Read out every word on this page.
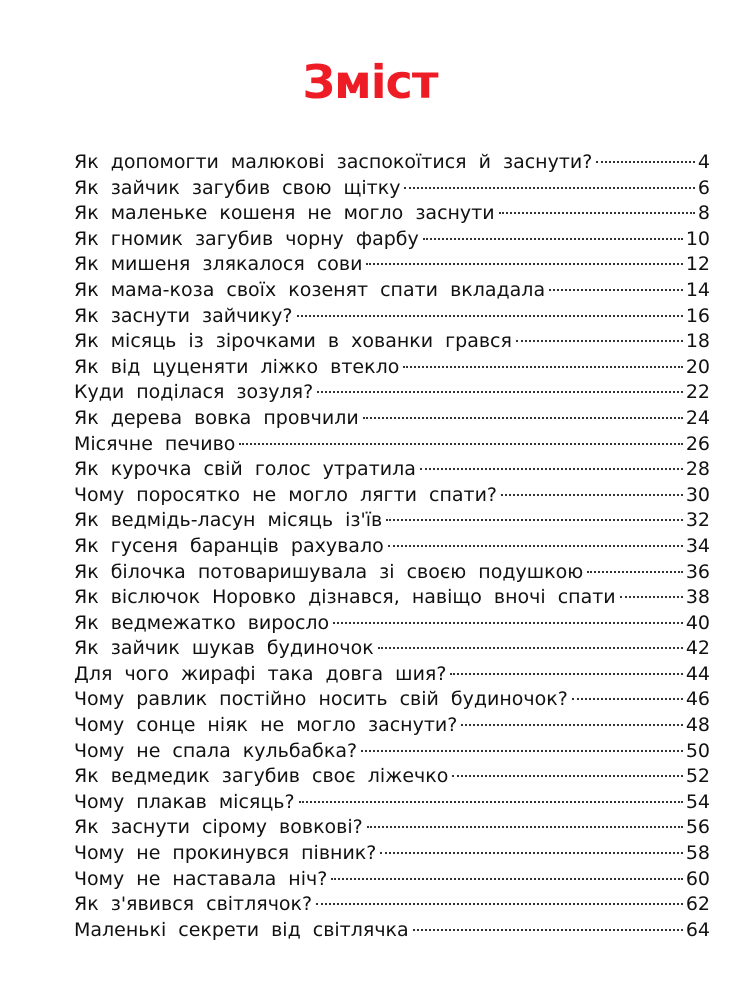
Зміст
Як допомогти малюкові заспокоїтися й заснути?	4
Як зайчик загубив свою щітку	6
Як маленьке кошеня не могло заснути	8
Як гномик загубив чорну фарбу	10
Як мишеня злякалося сови	12
Як мама-коза своїх козенят спати вкладала	14
Як заснути зайчику?	16
Як місяць із зірочками в хованки грався	18
Як від цуценяти ліжко втекло	20
Куди поділася зозуля?	22
Як дерева вовка провчили	24
Місячне печиво	26
Як курочка свій голос утратила	28
Чому поросятко не могло лягти спати?	30
Як ведмідь-ласун місяць із'їв	32
Як гусеня баранців рахувало	34
Як білочка потоваришувала зі своєю подушкою	36
Як віслючок Норовко дізнався, навіщо вночі спати	38
Як ведмежатко виросло	40
Як зайчик шукав будиночок	42
Для чого жирафі така довга шия?	44
Чому равлик постійно носить свій будиночок?	46
Чому сонце ніяк не могло заснути?	48
Чому не спала кульбабка?	50
Як ведмедик загубив своє ліжечко	52
Чому плакав місяць?	54
Як заснути сірому вовкові?	56
Чому не прокинувся півник?	58
Чому не наставала ніч?	60
Як з'явився світлячок?	62
Маленькі секрети від світлячка	64
